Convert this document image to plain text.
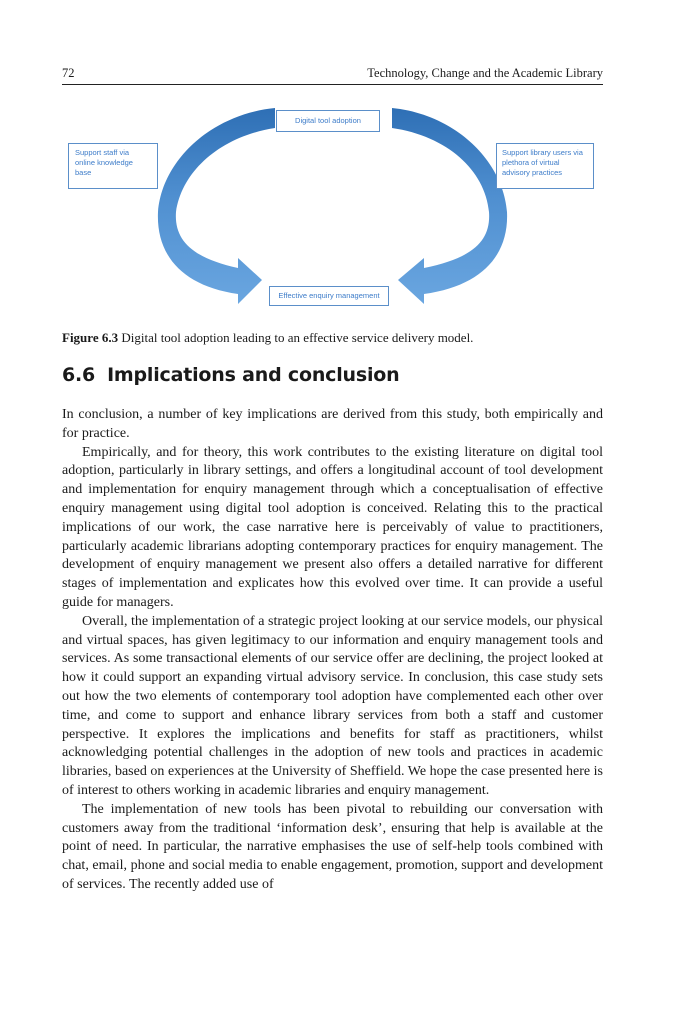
72	Technology, Change and the Academic Library
Digital tool adoption
Support staff via online knowledge base
Support library users via plethora of virtual advisory practices
Effective enquiry management
Figure 6.3 Digital tool adoption leading to an effective service delivery model.
6.6 Implications and conclusion

In conclusion, a number of key implications are derived from this study, both empirically and for practice.

Empirically, and for theory, this work contributes to the existing literature on digital tool adoption, particularly in library settings, and offers a longitudinal account of tool development and implementation for enquiry management through which a conceptualisation of effective enquiry management using digital tool adoption is conceived. Relating this to the practical implications of our work, the case narrative here is perceivably of value to practitioners, particularly academic librarians adopting contemporary practices for enquiry management. The development of enquiry management we present also offers a detailed narrative for different stages of implementation and explicates how this evolved over time. It can provide a useful guide for managers.

Overall, the implementation of a strategic project looking at our service models, our physical and virtual spaces, has given legitimacy to our information and enquiry management tools and services. As some transactional elements of our service offer are declining, the project looked at how it could support an expanding virtual advisory service. In conclusion, this case study sets out how the two elements of contemporary tool adoption have complemented each other over time, and come to support and enhance library services from both a staff and customer perspective. It explores the implications and benefits for staff as practitioners, whilst acknowledging potential challenges in the adoption of new tools and practices in academic libraries, based on experiences at the University of Sheffield. We hope the case presented here is of interest to others working in academic libraries and enquiry management.

The implementation of new tools has been pivotal to rebuilding our conversation with customers away from the traditional ‘information desk’, ensuring that help is available at the point of need. In particular, the narrative emphasises the use of self-help tools combined with chat, email, phone and social media to enable engagement, promotion, support and development of services. The recently added use of
